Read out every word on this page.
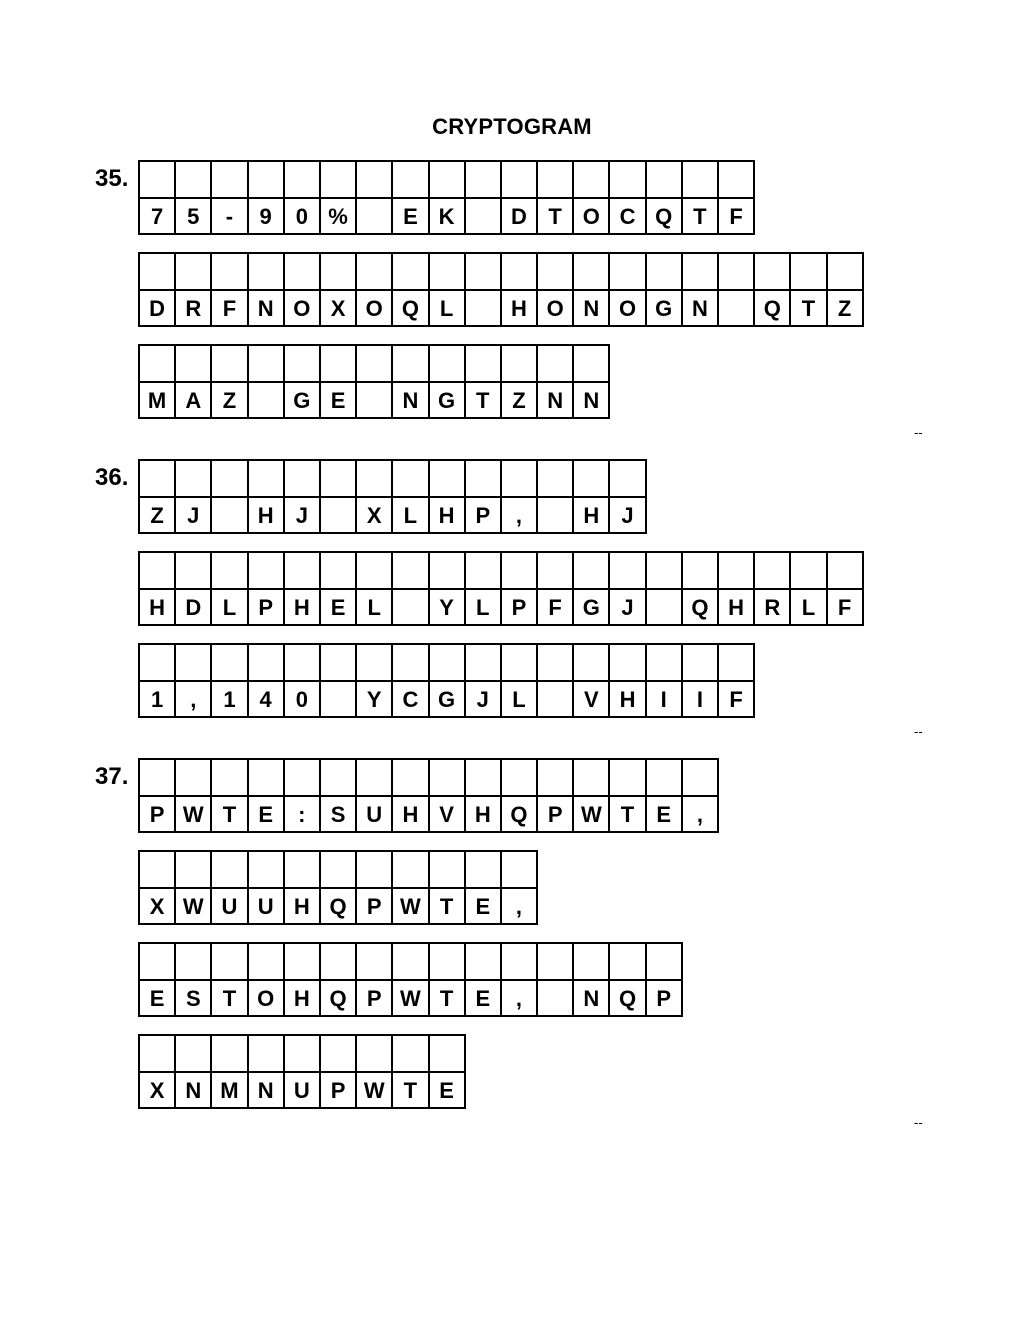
CRYPTOGRAM
35.
7	5	-	9	0 %	E K	D T O C Q T	F
D R F N O X O Q L	H O N O G N	Q T	Z
M A Z	G E	N G T	Z N N
--
36.
Z	J	H	J	X	L H P	,	H	J
H D L	P H E	L	Y	L	P	F G J	Q H R L	F
1	,	1	4	0	Y C G J	L	V H	I	I	F
--
37.
P W T	E	:	S U H V H Q P W T	E	,
X W U U H Q P W T	E	,
E S	T O H Q P W T	E	,	N Q P
X N M N U P W T	E
--
